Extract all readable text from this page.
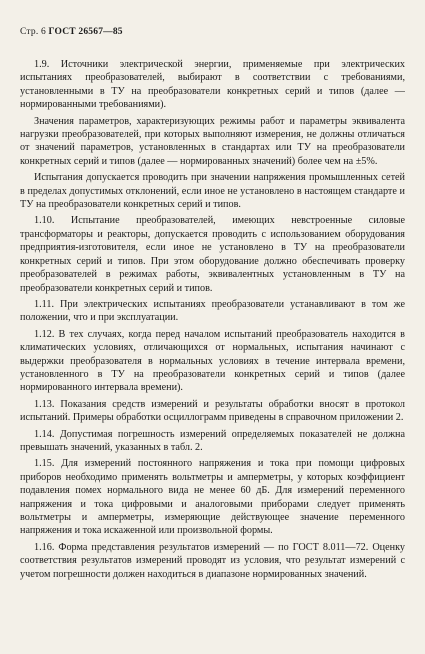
Стр. 6 ГОСТ 26567—85

1.9. Источники электрической энергии, применяемые при электрических испытаниях преобразователей, выбирают в соответствии с требованиями, установленными в ТУ на преобразователи конкретных серий и типов (далее — нормированными требованиями).

Значения параметров, характеризующих режимы работ и параметры эквивалента нагрузки преобразователей, при которых выполняют измерения, не должны отличаться от значений параметров, установленных в стандартах или ТУ на преобразователи конкретных серий и типов (далее — нормированных значений) более чем на ±5%.

Испытания допускается проводить при значении напряжения промышленных сетей в пределах допустимых отклонений, если иное не установлено в настоящем стандарте и ТУ на преобразователи конкретных серий и типов.

1.10. Испытание преобразователей, имеющих невстроенные силовые трансформаторы и реакторы, допускается проводить с использованием оборудования предприятия-изготовителя, если иное не установлено в ТУ на преобразователи конкретных серий и типов. При этом оборудование должно обеспечивать проверку преобразователей в режимах работы, эквивалентных установленным в ТУ на преобразователи конкретных серий и типов.

1.11. При электрических испытаниях преобразователи устанавливают в том же положении, что и при эксплуатации.

1.12. В тех случаях, когда перед началом испытаний преобразователь находится в климатических условиях, отличающихся от нормальных, испытания начинают с выдержки преобразователя в нормальных условиях в течение интервала времени, установленного в ТУ на преобразователи конкретных серий и типов (далее нормированного интервала времени).

1.13. Показания средств измерений и результаты обработки вносят в протокол испытаний. Примеры обработки осциллограмм приведены в справочном приложении 2.

1.14. Допустимая погрешность измерений определяемых показателей не должна превышать значений, указанных в табл. 2.

1.15. Для измерений постоянного напряжения и тока при помощи цифровых приборов необходимо применять вольтметры и амперметры, у которых коэффициент подавления помех нормального вида не менее 60 дБ. Для измерений переменного напряжения и тока цифровыми и аналоговыми приборами следует применять вольтметры и амперметры, измеряющие действующее значение переменного напряжения и тока искаженной или произвольной формы.

1.16. Форма представления результатов измерений — по ГОСТ 8.011—72. Оценку соответствия результатов измерений проводят из условия, что результат измерений с учетом погрешности должен находиться в диапазоне нормированных значений.
